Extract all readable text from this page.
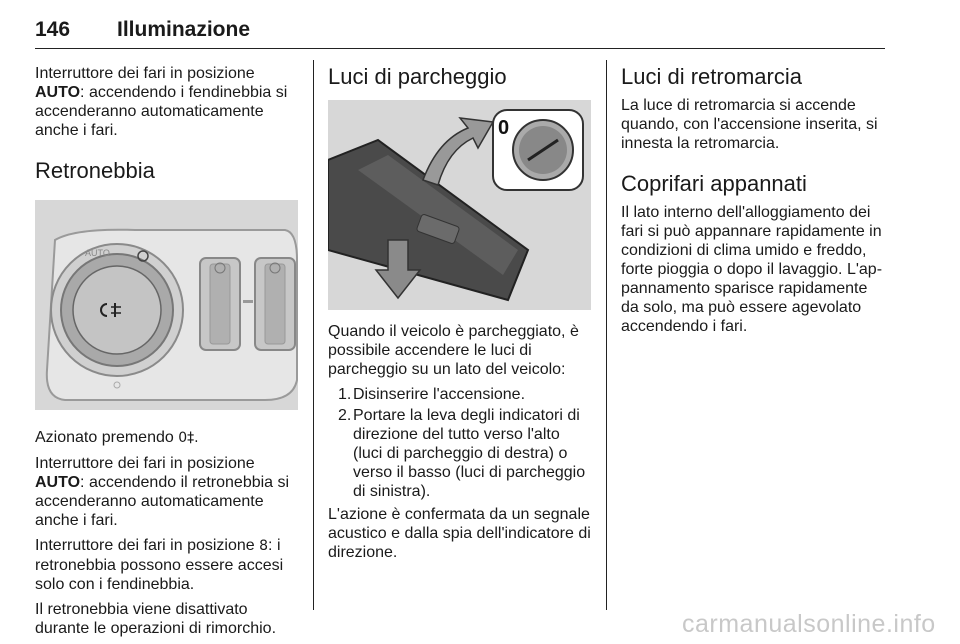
146 Illuminazione

Interruttore dei fari in posizione
AUTO: accendendo i fendinebbia si accenderanno automaticamente anche i fari.

Retronebbia
AUTO

Azionato premendo 0‡.

Interruttore dei fari in posizione
AUTO: accendendo il retronebbia si accenderanno automaticamente anche i fari.

Interruttore dei fari in posizione 8: i retronebbia possono essere accesi solo con i fendinebbia.

Il retronebbia viene disattivato durante le operazioni di rimorchio.

Luci di parcheggio
0

Quando il veicolo è parcheggiato, è possibile accendere le luci di parcheggio su un lato del veicolo:

1. Disinserire l'accensione.
2. Portare la leva degli indicatori di direzione del tutto verso l'alto (luci di parcheggio di destra) o verso il basso (luci di parcheggio di sinistra).

L'azione è confermata da un segnale acustico e dalla spia dell'indicatore di direzione.

Luci di retromarcia

La luce di retromarcia si accende quando, con l'accensione inserita, si innesta la retromarcia.

Coprifari appannati

Il lato interno dell'alloggiamento dei fari si può appannare rapidamente in condizioni di clima umido e freddo, forte pioggia o dopo il lavaggio. L'appannamento sparisce rapidamente da solo, ma può essere agevolato accendendo i fari.

carmanualsonline.info
